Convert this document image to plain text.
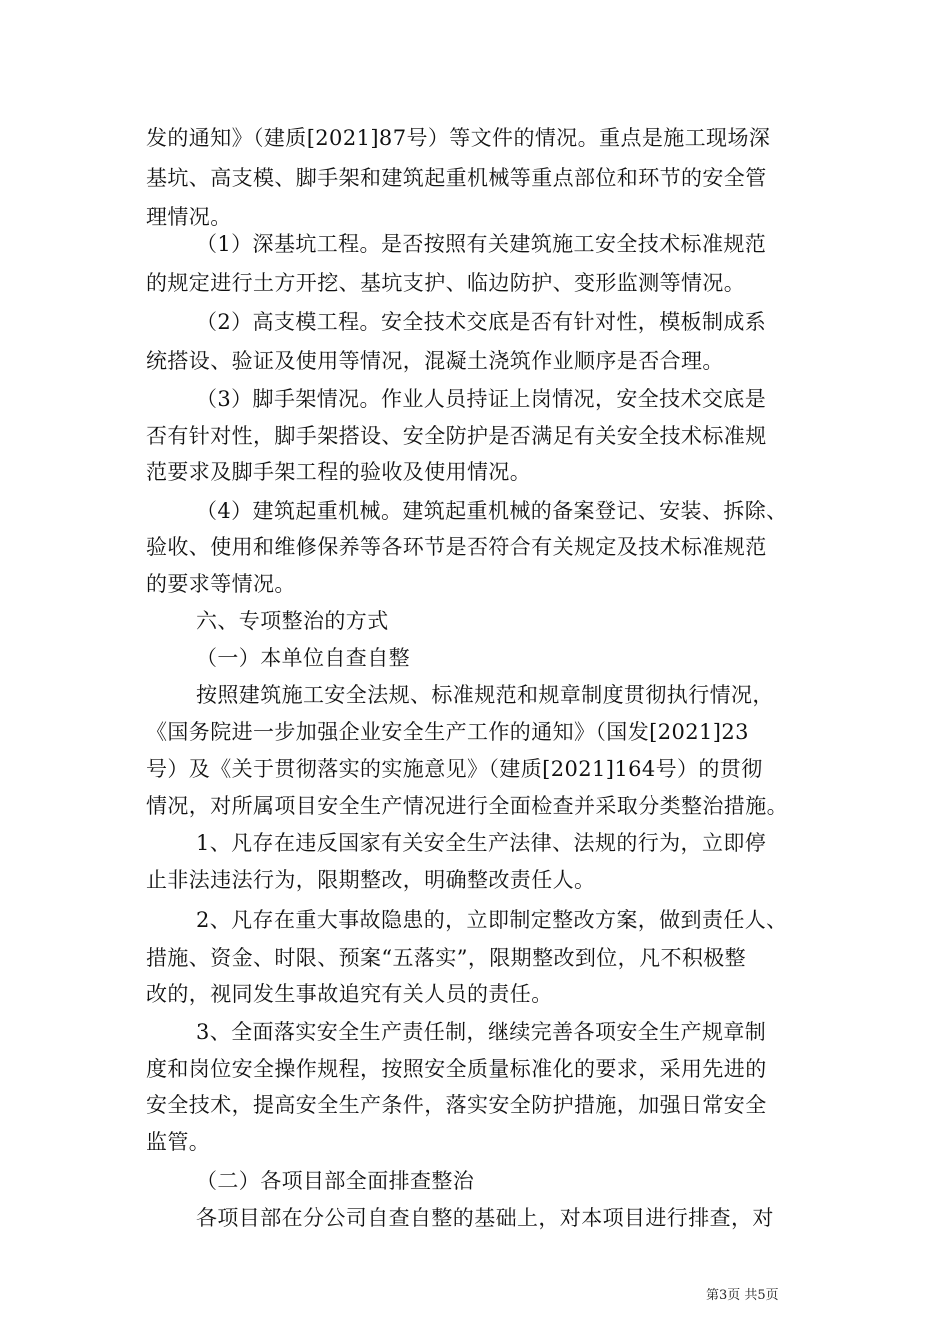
发的通知》（建质[2021]87号）等文件的情况。重点是施工现场深
基坑、高支模、脚手架和建筑起重机械等重点部位和环节的安全管
理情况。
（1）深基坑工程。是否按照有关建筑施工安全技术标准规范
的规定进行土方开挖、基坑支护、临边防护、变形监测等情况。
（2）高支模工程。安全技术交底是否有针对性，模板制成系
统搭设、验证及使用等情况，混凝土浇筑作业顺序是否合理。
（3）脚手架情况。作业人员持证上岗情况，安全技术交底是
否有针对性，脚手架搭设、安全防护是否满足有关安全技术标准规
范要求及脚手架工程的验收及使用情况。
（4）建筑起重机械。建筑起重机械的备案登记、安装、拆除、
验收、使用和维修保养等各环节是否符合有关规定及技术标准规范
的要求等情况。
六、专项整治的方式
（一）本单位自查自整
按照建筑施工安全法规、标准规范和规章制度贯彻执行情况，
《国务院进一步加强企业安全生产工作的通知》（国发[2021]23
号）及《关于贯彻落实的实施意见》（建质[2021]164号）的贯彻
情况，对所属项目安全生产情况进行全面检查并采取分类整治措施。
1、凡存在违反国家有关安全生产法律、法规的行为，立即停
止非法违法行为，限期整改，明确整改责任人。
2、凡存在重大事故隐患的，立即制定整改方案，做到责任人、
措施、资金、时限、预案“五落实”，限期整改到位，凡不积极整
改的，视同发生事故追究有关人员的责任。
3、全面落实安全生产责任制，继续完善各项安全生产规章制
度和岗位安全操作规程，按照安全质量标准化的要求，采用先进的
安全技术，提高安全生产条件，落实安全防护措施，加强日常安全
监管。
（二）各项目部全面排查整治
各项目部在分公司自查自整的基础上，对本项目进行排查，对
第3页 共5页
